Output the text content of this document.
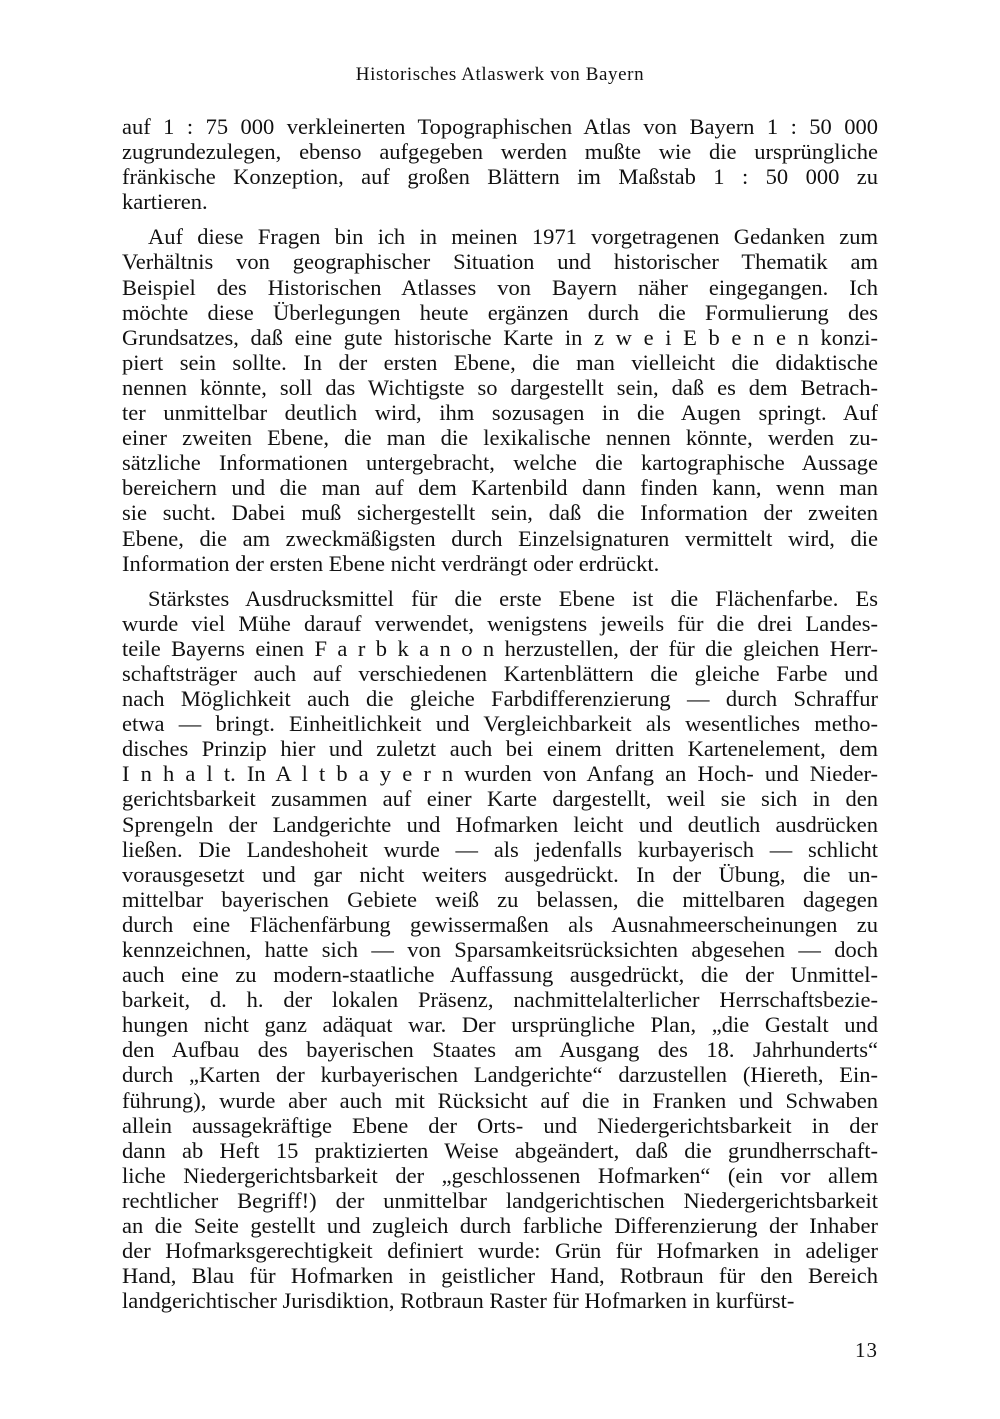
Historisches Atlaswerk von Bayern
auf 1 : 75 000 verkleinerten Topographischen Atlas von Bayern 1 : 50 000
zugrundezulegen, ebenso aufgegeben werden mußte wie die ursprüngliche
fränkische Konzeption, auf großen Blättern im Maßstab 1 : 50 000 zu
kartieren.
Auf diese Fragen bin ich in meinen 1971 vorgetragenen Gedanken zum
Verhältnis von geographischer Situation und historischer Thematik am
Beispiel des Historischen Atlasses von Bayern näher eingegangen. Ich
möchte diese Überlegungen heute ergänzen durch die Formulierung des
Grundsatzes, daß eine gute historische Karte in z w e i E b e n e n konzi-
piert sein sollte. In der ersten Ebene, die man vielleicht die didaktische
nennen könnte, soll das Wichtigste so dargestellt sein, daß es dem Betrach-
ter unmittelbar deutlich wird, ihm sozusagen in die Augen springt. Auf
einer zweiten Ebene, die man die lexikalische nennen könnte, werden zu-
sätzliche Informationen untergebracht, welche die kartographische Aussage
bereichern und die man auf dem Kartenbild dann finden kann, wenn man
sie sucht. Dabei muß sichergestellt sein, daß die Information der zweiten
Ebene, die am zweckmäßigsten durch Einzelsignaturen vermittelt wird, die
Information der ersten Ebene nicht verdrängt oder erdrückt.
Stärkstes Ausdrucksmittel für die erste Ebene ist die Flächenfarbe. Es
wurde viel Mühe darauf verwendet, wenigstens jeweils für die drei Landes-
teile Bayerns einen F a r b k a n o n herzustellen, der für die gleichen Herr-
schaftsträger auch auf verschiedenen Kartenblättern die gleiche Farbe und
nach Möglichkeit auch die gleiche Farbdifferenzierung — durch Schraffur
etwa — bringt. Einheitlichkeit und Vergleichbarkeit als wesentliches metho-
disches Prinzip hier und zuletzt auch bei einem dritten Kartenelement, dem
I n h a l t. In A l t b a y e r n wurden von Anfang an Hoch- und Nieder-
gerichtsbarkeit zusammen auf einer Karte dargestellt, weil sie sich in den
Sprengeln der Landgerichte und Hofmarken leicht und deutlich ausdrücken
ließen. Die Landeshoheit wurde — als jedenfalls kurbayerisch — schlicht
vorausgesetzt und gar nicht weiters ausgedrückt. In der Übung, die un-
mittelbar bayerischen Gebiete weiß zu belassen, die mittelbaren dagegen
durch eine Flächenfärbung gewissermaßen als Ausnahmeerscheinungen zu
kennzeichnen, hatte sich — von Sparsamkeitsrücksichten abgesehen — doch
auch eine zu modern-staatliche Auffassung ausgedrückt, die der Unmittel-
barkeit, d. h. der lokalen Präsenz, nachmittelalterlicher Herrschaftsbezie-
hungen nicht ganz adäquat war. Der ursprüngliche Plan, „die Gestalt und
den Aufbau des bayerischen Staates am Ausgang des 18. Jahrhunderts“
durch „Karten der kurbayerischen Landgerichte“ darzustellen (Hiereth, Ein-
führung), wurde aber auch mit Rücksicht auf die in Franken und Schwaben
allein aussagekräftige Ebene der Orts- und Niedergerichtsbarkeit in der
dann ab Heft 15 praktizierten Weise abgeändert, daß die grundherrschaft-
liche Niedergerichtsbarkeit der „geschlossenen Hofmarken“ (ein vor allem
rechtlicher Begriff!) der unmittelbar landgerichtischen Niedergerichtsbarkeit
an die Seite gestellt und zugleich durch farbliche Differenzierung der Inhaber
der Hofmarksgerechtigkeit definiert wurde: Grün für Hofmarken in adeliger
Hand, Blau für Hofmarken in geistlicher Hand, Rotbraun für den Bereich
landgerichtischer Jurisdiktion, Rotbraun Raster für Hofmarken in kurfürst-
13
